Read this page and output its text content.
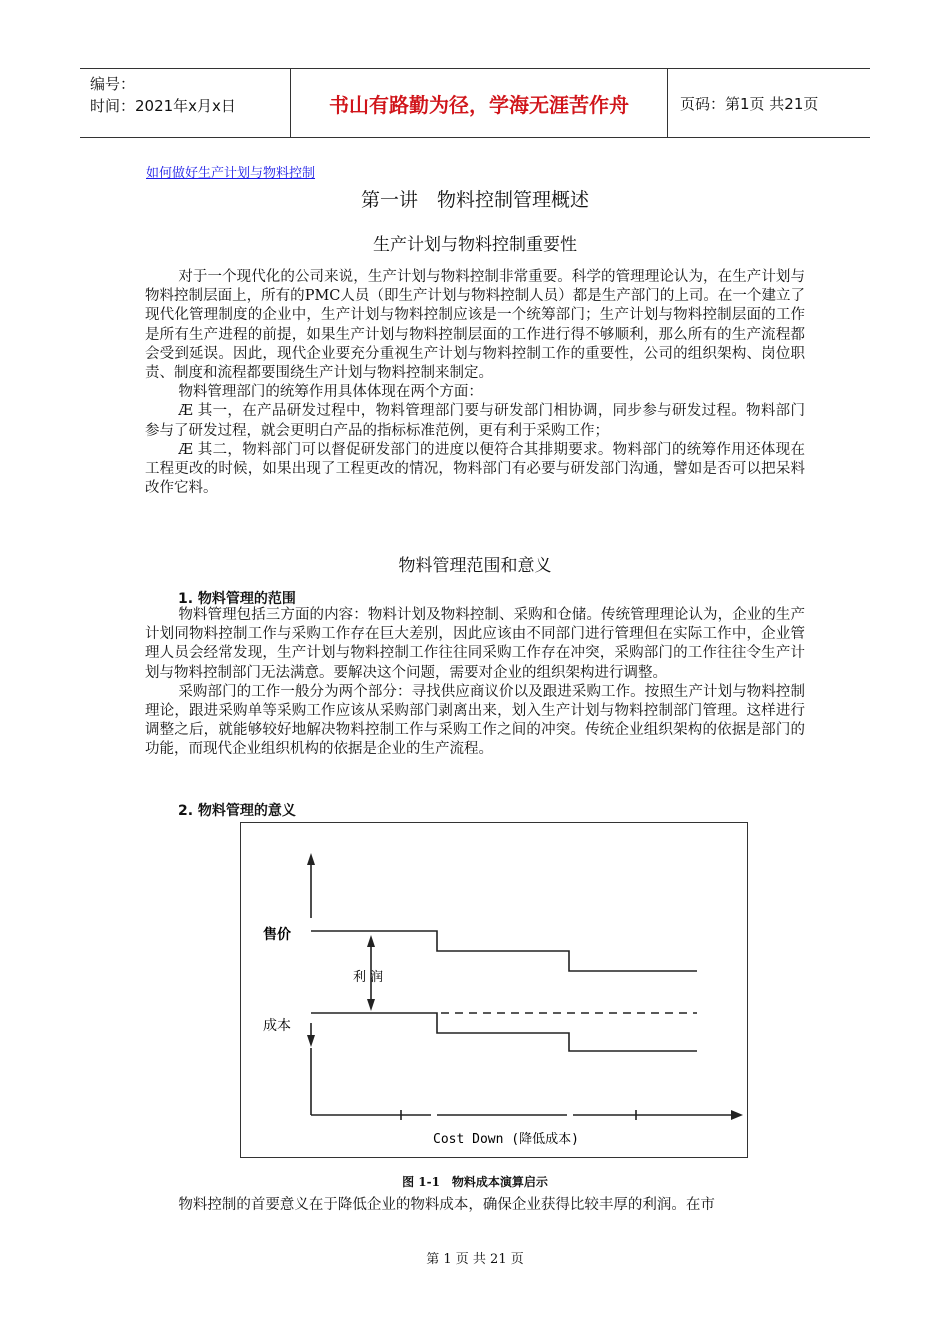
编号：
时间：2021年x月x日	书山有路勤为径，学海无涯苦作舟	页码：第1页 共21页
如何做好生产计划与物料控制
第一讲　物料控制管理概述
生产计划与物料控制重要性

对于一个现代化的公司来说，生产计划与物料控制非常重要。科学的管理理论认为，在生产计划与物料控制层面上，所有的PMC人员（即生产计划与物料控制人员）都是生产部门的上司。在一个建立了现代化管理制度的企业中，生产计划与物料控制应该是一个统筹部门；生产计划与物料控制层面的工作是所有生产进程的前提，如果生产计划与物料控制层面的工作进行得不够顺利，那么所有的生产流程都会受到延误。因此，现代企业要充分重视生产计划与物料控制工作的重要性，公司的组织架构、岗位职责、制度和流程都要围绕生产计划与物料控制来制定。

物料管理部门的统筹作用具体体现在两个方面：

Æ 其一，在产品研发过程中，物料管理部门要与研发部门相协调，同步参与研发过程。物料部门参与了研发过程，就会更明白产品的指标标准范例，更有利于采购工作；

Æ 其二，物料部门可以督促研发部门的进度以便符合其排期要求。物料部门的统筹作用还体现在工程更改的时候，如果出现了工程更改的情况，物料部门有必要与研发部门沟通，譬如是否可以把呆料改作它料。

物料管理范围和意义
1. 物料管理的范围

物料管理包括三方面的内容：物料计划及物料控制、采购和仓储。传统管理理论认为，企业的生产计划同物料控制工作与采购工作存在巨大差别，因此应该由不同部门进行管理但在实际工作中，企业管理人员会经常发现，生产计划与物料控制工作往往同采购工作存在冲突，采购部门的工作往往令生产计划与物料控制部门无法满意。要解决这个问题，需要对企业的组织架构进行调整。

采购部门的工作一般分为两个部分：寻找供应商议价以及跟进采购工作。按照生产计划与物料控制理论，跟进采购单等采购工作应该从采购部门剥离出来，划入生产计划与物料控制部门管理。这样进行调整之后，就能够较好地解决物料控制工作与采购工作之间的冲突。传统企业组织架构的依据是部门的功能，而现代企业组织机构的依据是企业的生产流程。

2. 物料管理的意义
售价
利 润
成本
Cost Down (降低成本)
图 1-1　物料成本演算启示

物料控制的首要意义在于降低企业的物料成本，确保企业获得比较丰厚的利润。在市

第 1 页 共 21 页
